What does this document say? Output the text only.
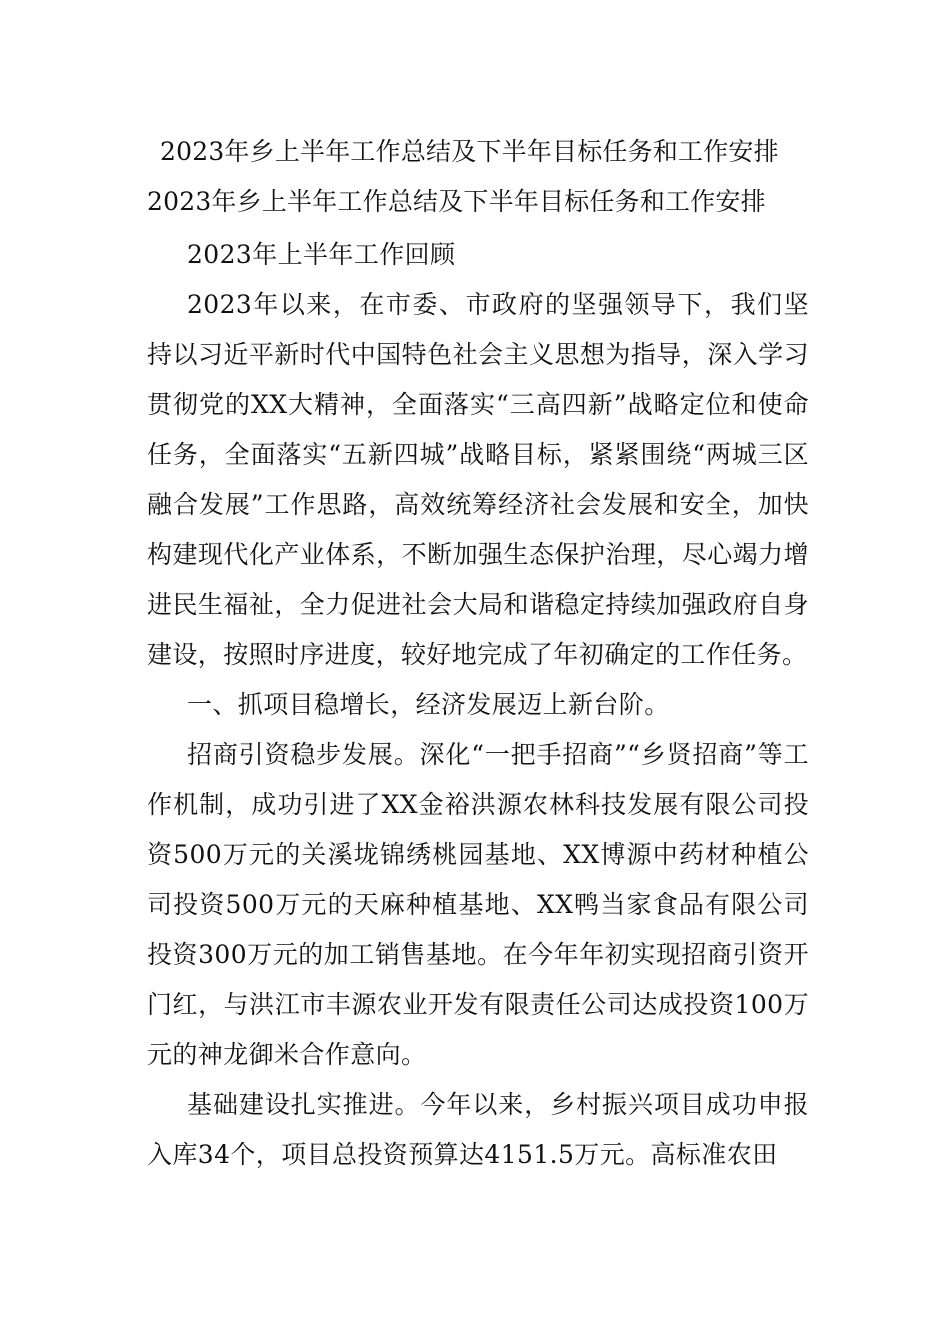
2023年乡上半年工作总结及下半年目标任务和工作安排
2023年乡上半年工作总结及下半年目标任务和工作安排

2023年上半年工作回顾

2023年以来，在市委、市政府的坚强领导下，我们坚持以习近平新时代中国特色社会主义思想为指导，深入学习贯彻党的XX大精神，全面落实“三高四新”战略定位和使命任务，全面落实“五新四城”战略目标，紧紧围绕“两城三区融合发展”工作思路，高效统筹经济社会发展和安全，加快构建现代化产业体系，不断加强生态保护治理，尽心竭力增进民生福祉，全力促进社会大局和谐稳定持续加强政府自身建设，按照时序进度，较好地完成了年初确定的工作任务。

一、抓项目稳增长，经济发展迈上新台阶。

招商引资稳步发展。深化“一把手招商”“乡贤招商”等工作机制，成功引进了XX金裕洪源农林科技发展有限公司投资500万元的关溪垅锦绣桃园基地、XX博源中药材种植公司投资500万元的天麻种植基地、XX鸭当家食品有限公司投资300万元的加工销售基地。在今年年初实现招商引资开门红，与洪江市丰源农业开发有限责任公司达成投资100万元的神龙御米合作意向。

基础建设扎实推进。今年以来，乡村振兴项目成功申报入库34个，项目总投资预算达4151.5万元。高标准农田
